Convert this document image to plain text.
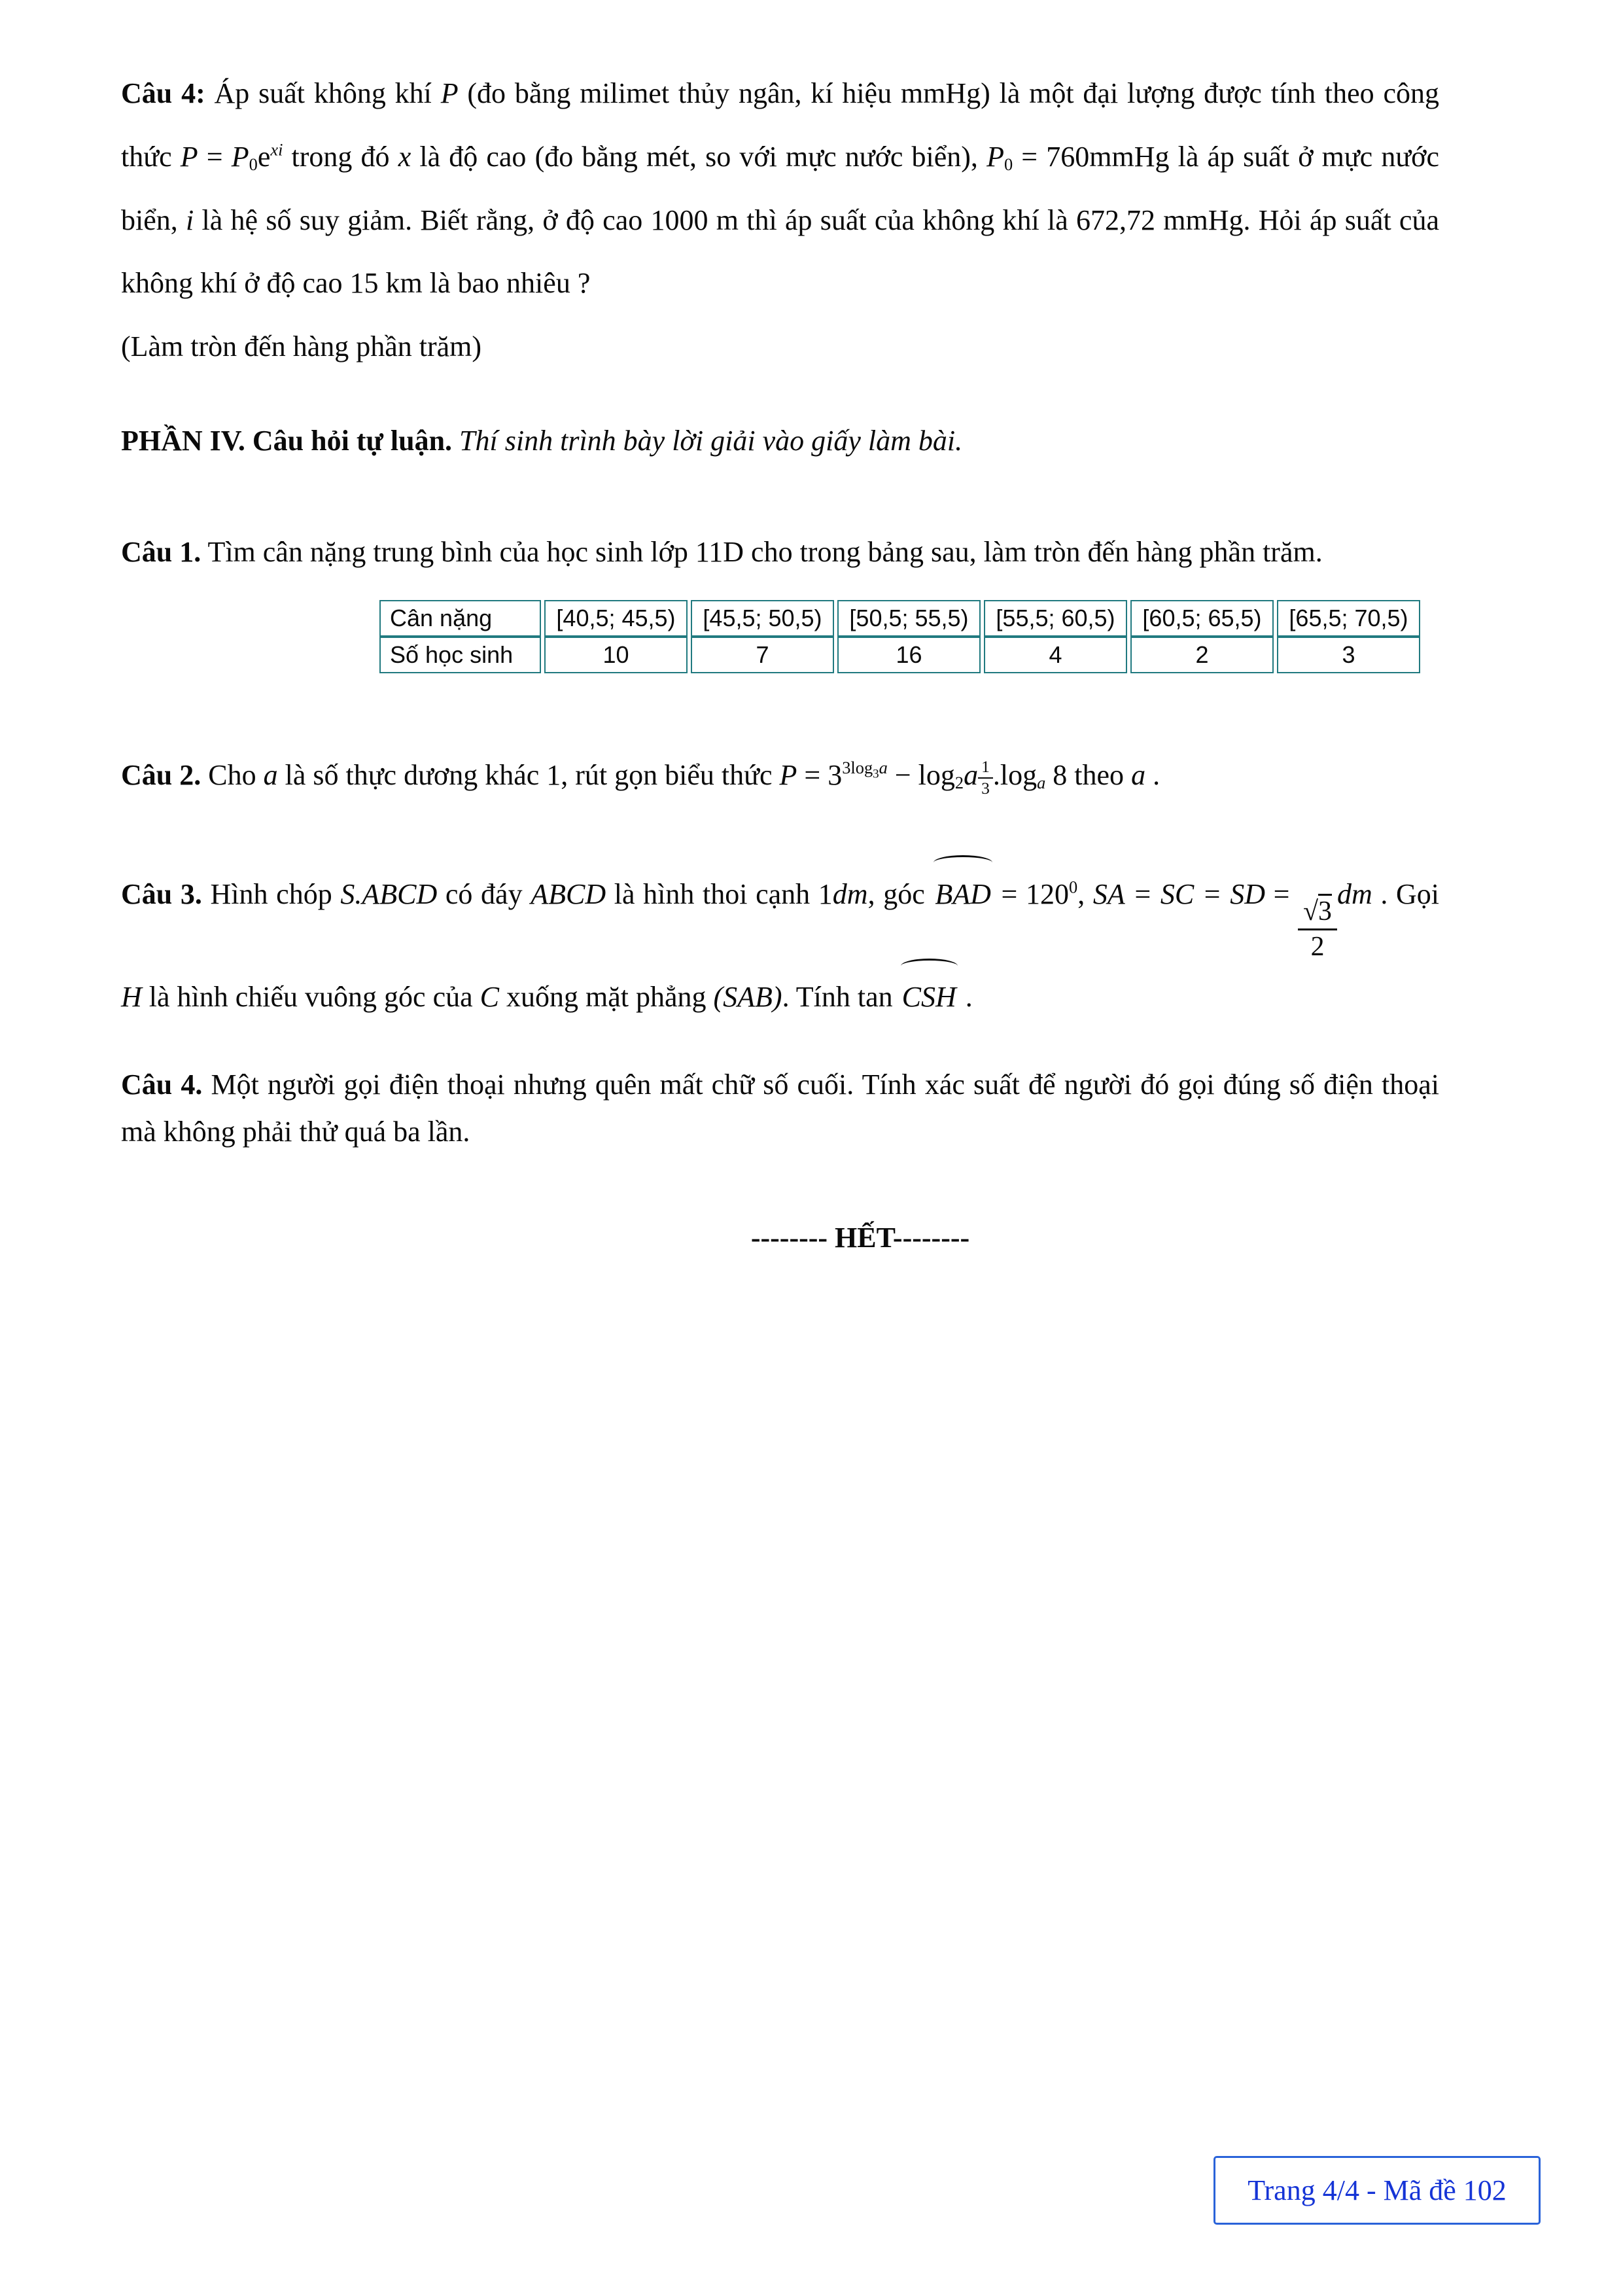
Câu 4: Áp suất không khí P (đo bằng milimet thủy ngân, kí hiệu mmHg) là một đại lượng được tính theo công thức $P = P_0e^{xi}$ trong đó x là độ cao (đo bằng mét, so với mực nước biển), $P_0$ = 760mmHg là áp suất ở mực nước biển, i là hệ số suy giảm. Biết rằng, ở độ cao 1000 m thì áp suất của không khí là 672,72 mmHg. Hỏi áp suất của không khí ở độ cao 15 km là bao nhiêu ?

(Làm tròn đến hàng phần trăm)

PHẦN IV. Câu hỏi tự luận. Thí sinh trình bày lời giải vào giấy làm bài.

Câu 1. Tìm cân nặng trung bình của học sinh lớp 11D cho trong bảng sau, làm tròn đến hàng phần trăm.

Cân nặng	[40,5; 45,5)	[45,5; 50,5)	[50,5; 55,5)	[55,5; 60,5)	[60,5; 65,5)	[65,5; 70,5)
Số học sinh	10	7	16	4	2	3

Câu 2. Cho a là số thực dương khác 1, rút gọn biểu thức $P = 3^{3log_3a} - \log_2a \frac{1}{3} .\log_a$ 8 theo a .

Câu 3. Hình chóp S.ABCD có đáy ABCD là hình thoi cạnh 1dm, góc BAD = $120^0$, SA = SC = SD =
$\frac{√3}{2}$
dm . Gọi H là hình chiếu vuông góc của C xuống mặt phẳng (SAB). Tính tan CSH .

Câu 4. Một người gọi điện thoại nhưng quên mất chữ số cuối. Tính xác suất để người đó gọi đúng số điện thoại mà không phải thử quá ba lần.

-------- HẾT--------

Trang 4/4 - Mã đề 102
